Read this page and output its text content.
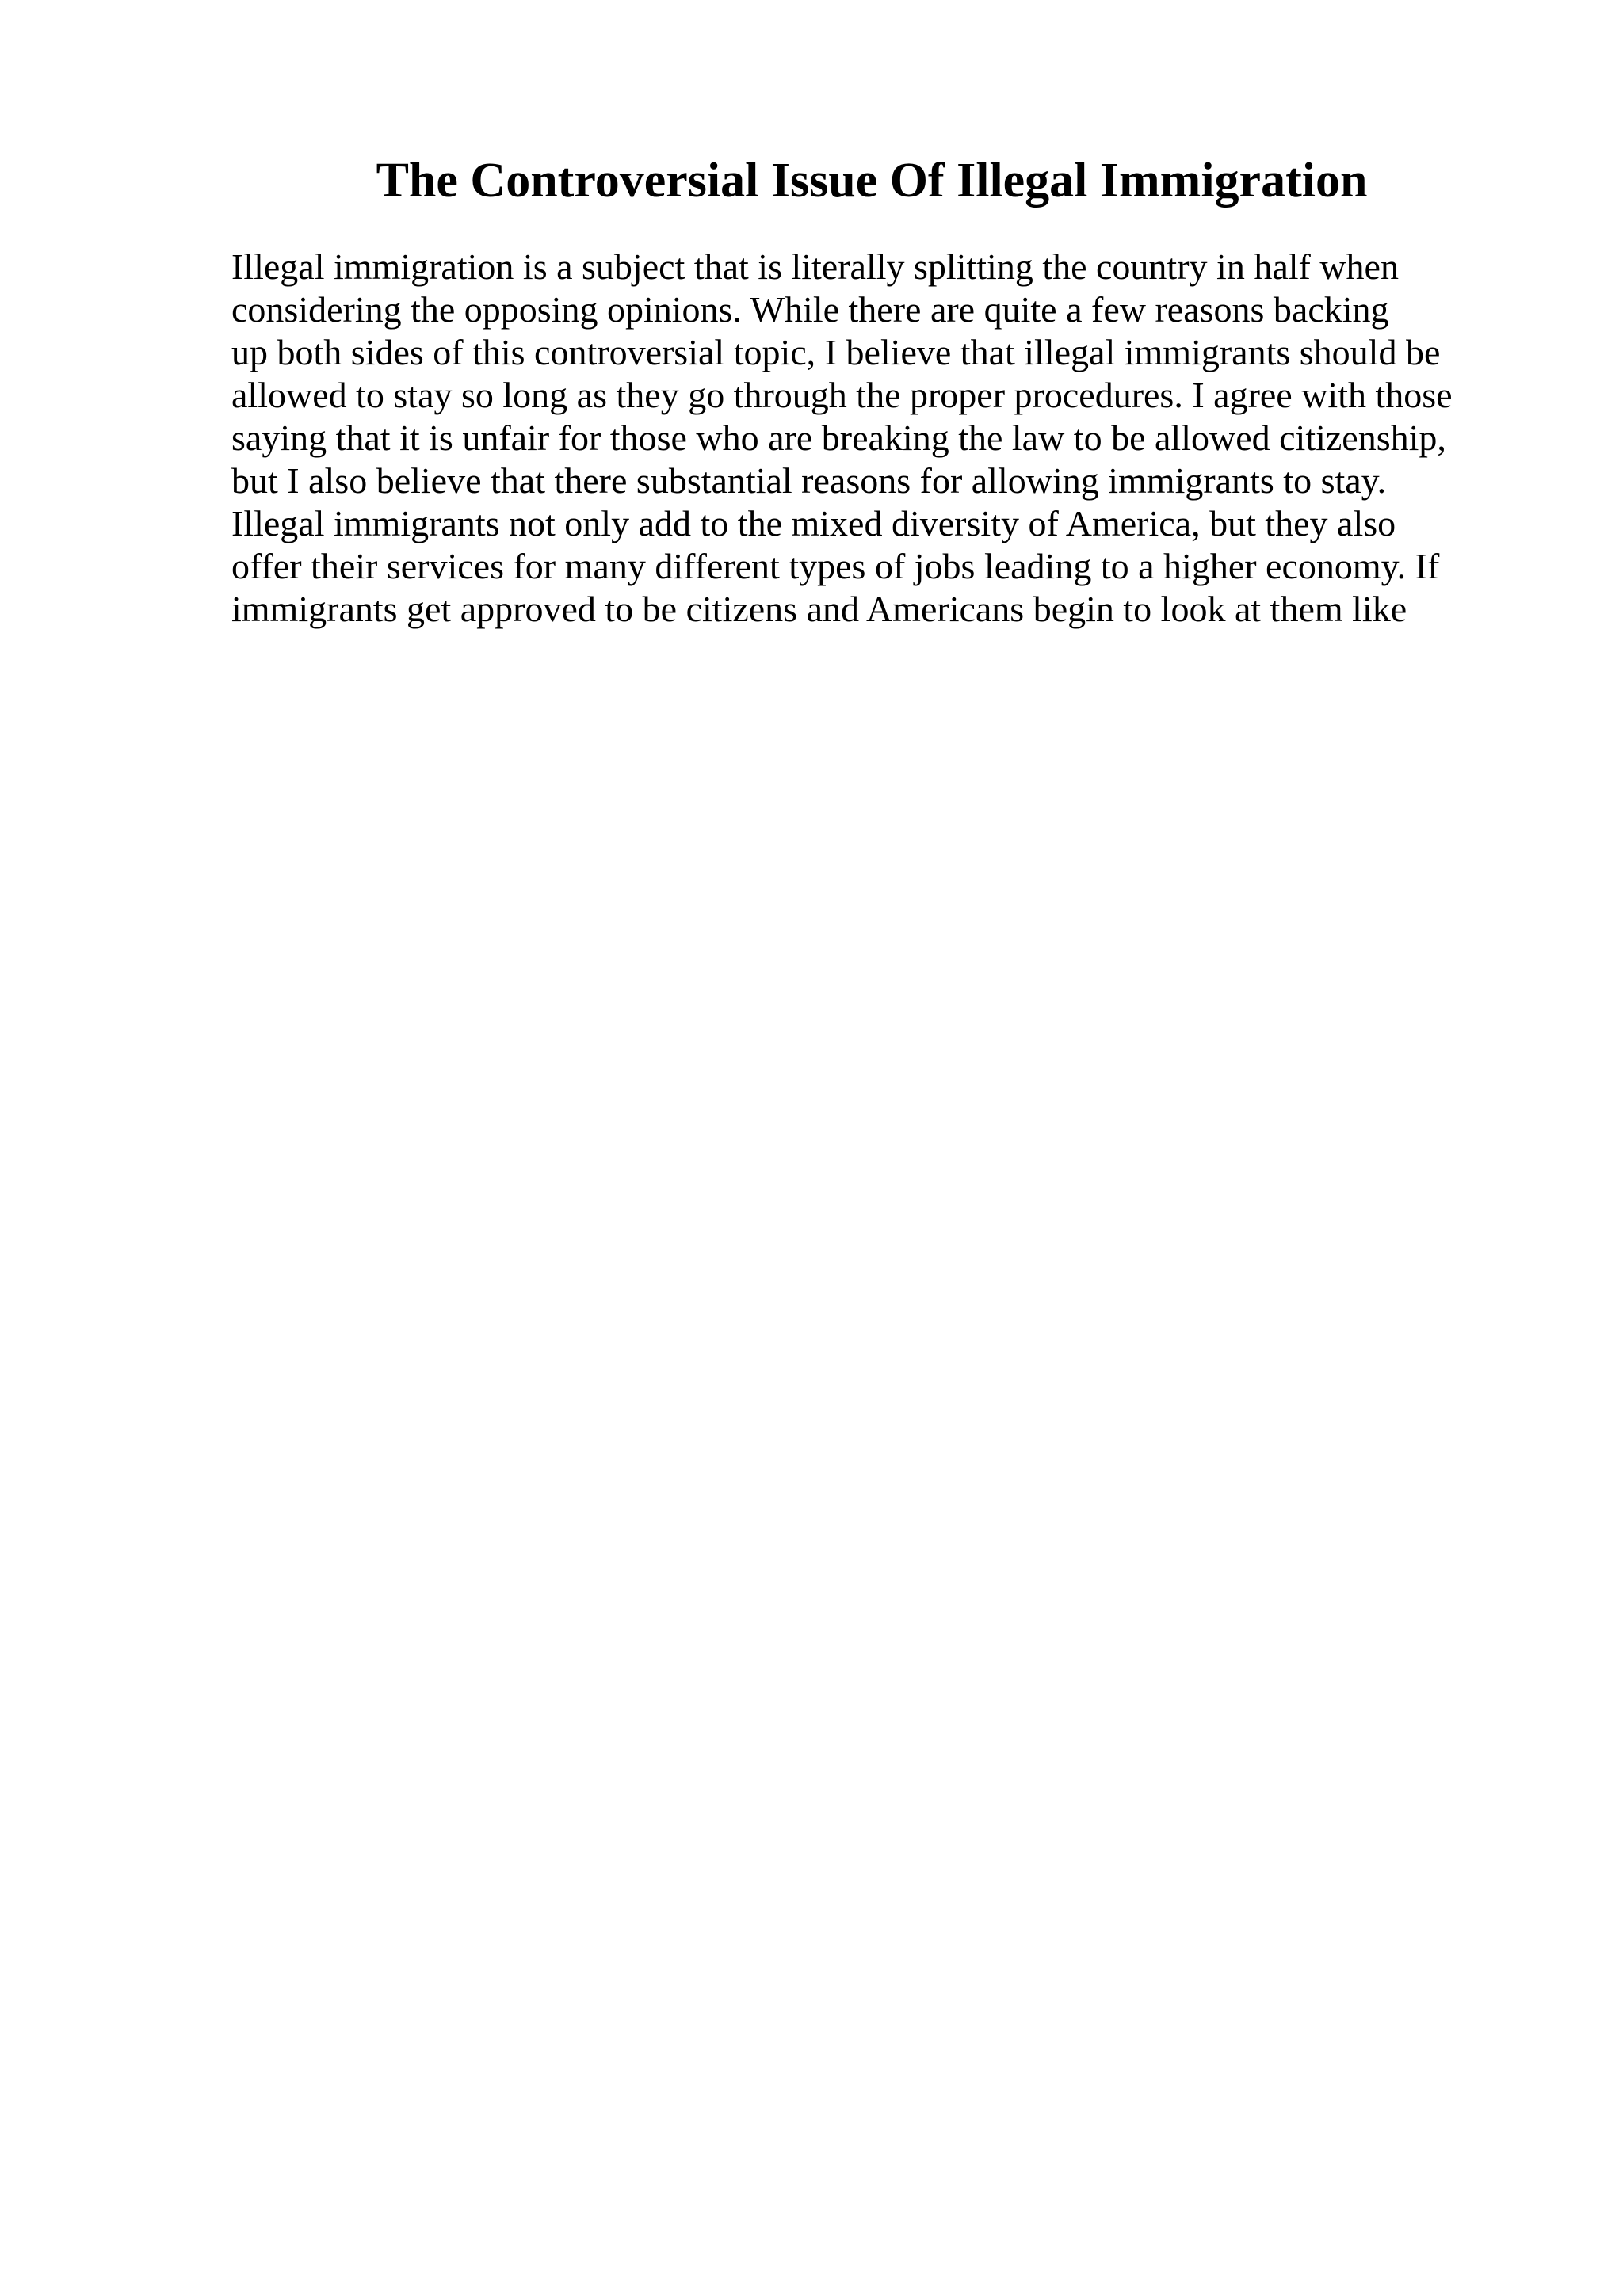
The Controversial Issue Of Illegal Immigration
Illegal immigration is a subject that is literally splitting the country in half when
considering the opposing opinions. While there are quite a few reasons backing
up both sides of this controversial topic, I believe that illegal immigrants should be
allowed to stay so long as they go through the proper procedures. I agree with those
saying that it is unfair for those who are breaking the law to be allowed citizenship,
but I also believe that there substantial reasons for allowing immigrants to stay.
Illegal immigrants not only add to the mixed diversity of America, but they also
offer their services for many different types of jobs leading to a higher economy. If
immigrants get approved to be citizens and Americans begin to look at them like
